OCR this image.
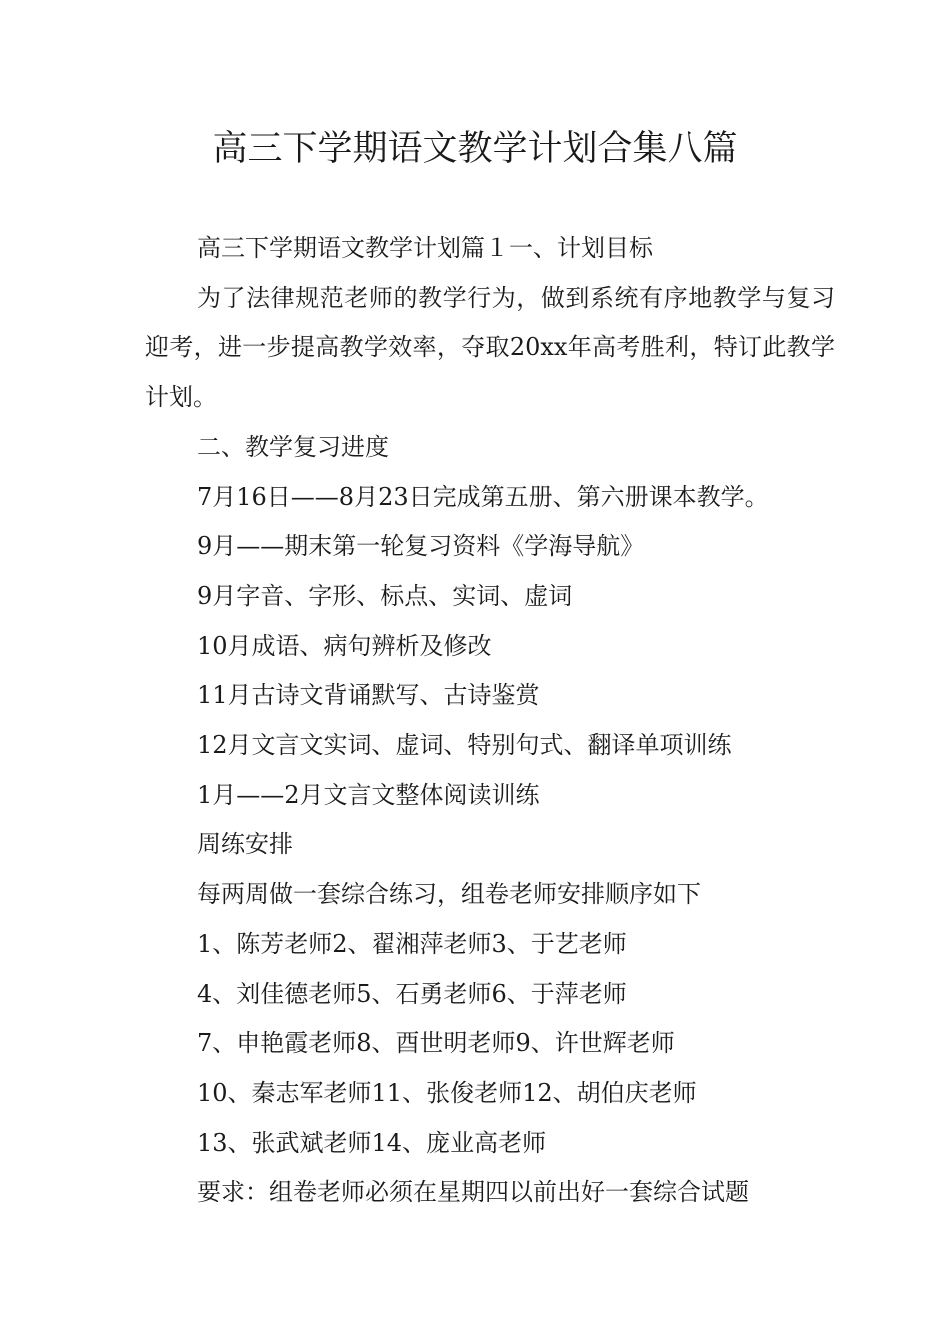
高三下学期语文教学计划合集八篇

高三下学期语文教学计划篇１一、计划目标

为了法律规范老师的教学行为，做到系统有序地教学与复习迎考，进一步提高教学效率，夺取20xx年高考胜利，特订此教学计划。

二、教学复习进度

7月16日——8月23日完成第五册、第六册课本教学。

9月——期末第一轮复习资料《学海导航》

9月字音、字形、标点、实词、虚词

10月成语、病句辨析及修改

11月古诗文背诵默写、古诗鉴赏

12月文言文实词、虚词、特别句式、翻译单项训练

1月——2月文言文整体阅读训练

周练安排

每两周做一套综合练习，组卷老师安排顺序如下

1、陈芳老师2、翟湘萍老师3、于艺老师

4、刘佳德老师5、石勇老师6、于萍老师

7、申艳霞老师8、酉世明老师9、许世辉老师

10、秦志军老师11、张俊老师12、胡伯庆老师

13、张武斌老师14、庞业高老师

要求：组卷老师必须在星期四以前出好一套综合试题
